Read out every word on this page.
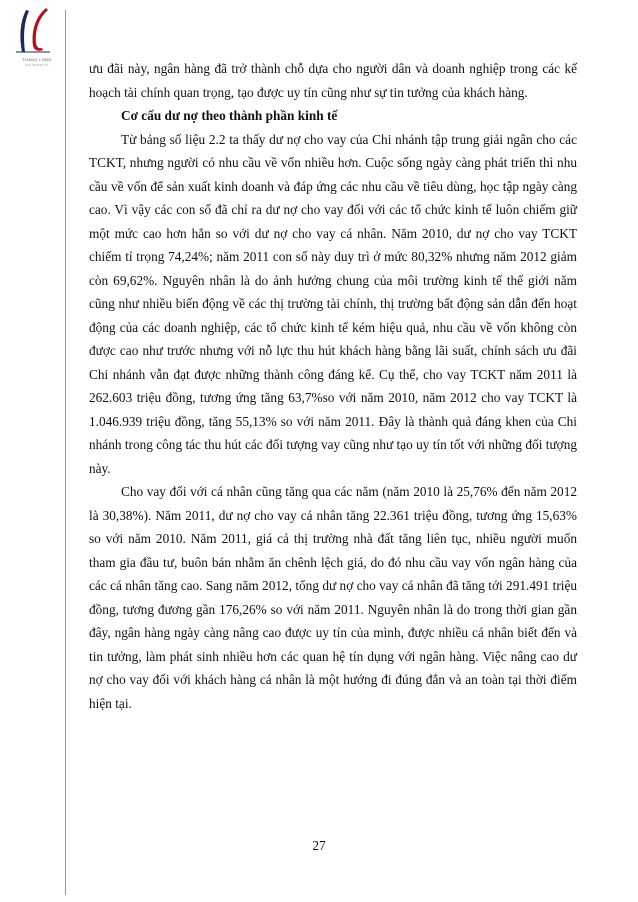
THANG LONG
UNIVERSITY	ưu đãi này, ngân hàng đã trở thành chỗ dựa cho người dân và doanh nghiệp trong các kế hoạch tài chính quan trọng, tạo được uy tín cũng như sự tin tưởng của khách hàng.

Cơ cấu dư nợ theo thành phần kinh tế

Từ bảng số liệu 2.2 ta thấy dư nợ cho vay của Chi nhánh tập trung giải ngân cho các TCKT, nhưng người có nhu cầu về vốn nhiều hơn. Cuộc sống ngày càng phát triển thì nhu cầu về vốn để sản xuất kinh doanh và đáp ứng các nhu cầu về tiêu dùng, học tập ngày càng cao. Vì vậy các con số đã chỉ ra dư nợ cho vay đối với các tổ chức kinh tế luôn chiếm giữ một mức cao hơn hẳn so với dư nợ cho vay cá nhân. Năm 2010, dư nợ cho vay TCKT chiếm tỉ trọng 74,24%; năm 2011 con số này duy trì ở mức 80,32% nhưng năm 2012 giảm còn 69,62%. Nguyên nhân là do ảnh hưởng chung của môi trường kinh tế thế giới năm cũng như nhiều biến động về các thị trường tài chính, thị trường bất động sản dẫn đến hoạt động của các doanh nghiệp, các tổ chức kinh tế kém hiệu quả, nhu cầu về vốn không còn được cao như trước nhưng với nỗ lực thu hút khách hàng bằng lãi suất, chính sách ưu đãi Chi nhánh vẫn đạt được những thành công đáng kể. Cụ thể, cho vay TCKT năm 2011 là 262.603 triệu đồng, tương ứng tăng 63,7%so với năm 2010, năm 2012 cho vay TCKT là 1.046.939 triệu đồng, tăng 55,13% so với năm 2011. Đây là thành quả đáng khen của Chi nhánh trong công tác thu hút các đối tượng vay cũng như tạo uy tín tốt với những đối tượng này.

Cho vay đối với cá nhân cũng tăng qua các năm (năm 2010 là 25,76% đến năm 2012 là 30,38%). Năm 2011, dư nợ cho vay cá nhân tăng 22.361 triệu đồng, tương ứng 15,63% so với năm 2010. Năm 2011, giá cả thị trường nhà đất tăng liên tục, nhiều người muốn tham gia đầu tư, buôn bán nhằm ăn chênh lệch giá, do đó nhu cầu vay vốn ngân hàng của các cá nhân tăng cao. Sang năm 2012, tổng dư nợ cho vay cá nhân đã tăng tới 291.491 triệu đồng, tương đương gần 176,26% so với năm 2011. Nguyên nhân là do trong thời gian gần đây, ngân hàng ngày càng nâng cao được uy tín của mình, được nhiều cá nhân biết đến và tin tưởng, làm phát sinh nhiều hơn các quan hệ tín dụng với ngân hàng. Việc nâng cao dư nợ cho vay đối với khách hàng cá nhân là một hướng đi đúng đắn và an toàn tại thời điểm hiện tại.

27
